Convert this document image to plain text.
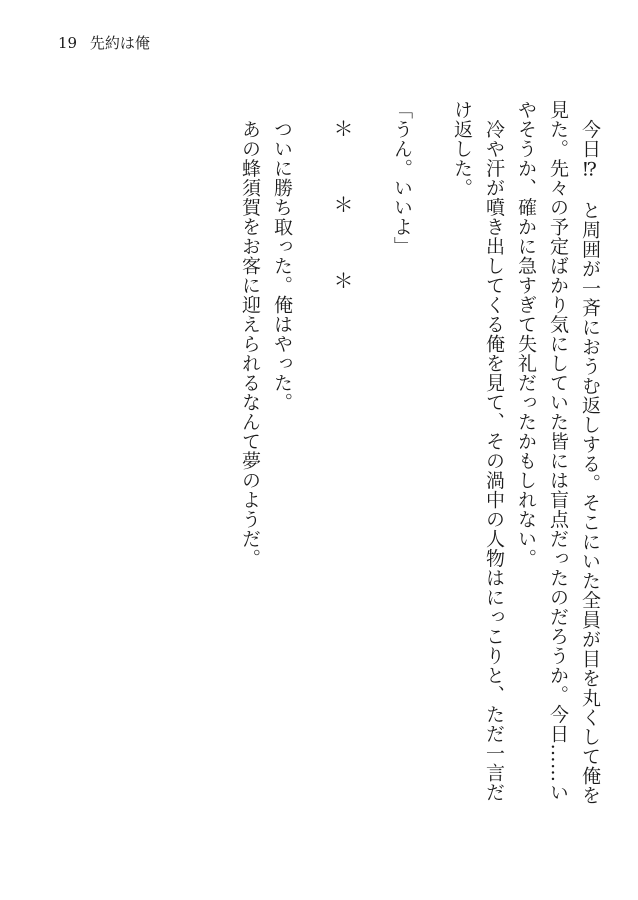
19 先約は俺
　今日⁉　と周囲が一斉におうむ返しする。そこにいた全員が目を丸くして俺を
見た。先々の予定ばかり気にしていた皆には盲点だったのだろうか。今日……い
やそうか、確かに急すぎて失礼だったかもしれない。
　冷や汗が噴き出してくる俺を見て、その渦中の人物はにっこりと、ただ一言だ
け返した。
「うん。いいよ」
＊　＊　＊
　ついに勝ち取った。俺はやった。
　あの蜂須賀をお客に迎えられるなんて夢のようだ。
